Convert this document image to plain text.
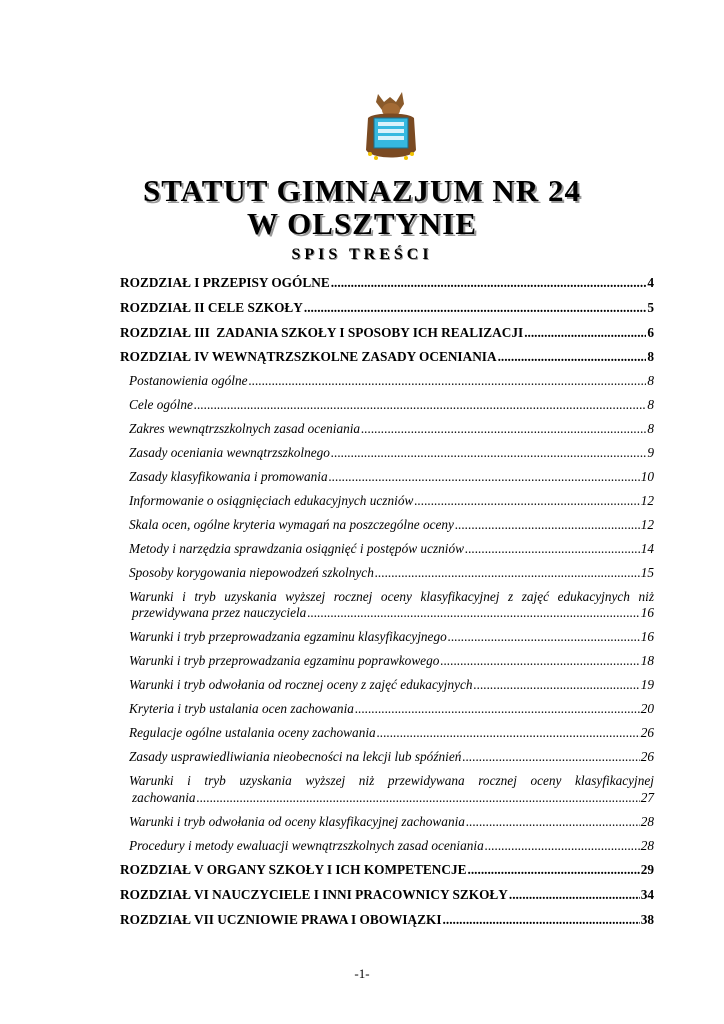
STATUT GIMNAZJUM NR 24
W OLSZTYNIE
SPIS TREŚCI
ROZDZIAŁ I PRZEPISY OGÓLNE .....	4
ROZDZIAŁ II CELE SZKOŁY .....	5
ROZDZIAŁ III  ZADANIA SZKOŁY I SPOSOBY ICH REALIZACJI .....	6
ROZDZIAŁ IV WEWNĄTRZSZKOLNE ZASADY OCENIANIA .....	8
Postanowienia ogólne .....	8
Cele ogólne .....	8
Zakres wewnątrzszkolnych zasad oceniania .....	8
Zasady oceniania wewnątrzszkolnego .....	9
Zasady klasyfikowania i promowania .....	10
Informowanie o osiągnięciach edukacyjnych uczniów .....	12
Skala ocen, ogólne kryteria wymagań na poszczególne oceny .....	12
Metody i narzędzia sprawdzania osiągnięć i postępów uczniów .....	14
Sposoby korygowania niepowodzeń szkolnych .....	15
Warunki i tryb uzyskania wyższej rocznej oceny klasyfikacyjnej z zajęć edukacyjnych niż
przewidywana przez nauczyciela .....	16
Warunki i tryb przeprowadzania egzaminu klasyfikacyjnego .....	16
Warunki i tryb przeprowadzania egzaminu poprawkowego .....	18
Warunki i tryb odwołania od rocznej oceny z zajęć edukacyjnych .....	19
Kryteria i tryb ustalania ocen zachowania .....	20
Regulacje ogólne ustalania oceny zachowania .....	26
Zasady usprawiedliwiania nieobecności na lekcji lub spóźnień .....	26
Warunki i tryb uzyskania wyższej niż przewidywana rocznej oceny klasyfikacyjnej
zachowania .....	27
Warunki i tryb odwołania od oceny klasyfikacyjnej zachowania .....	28
Procedury i metody ewaluacji wewnątrzszkolnych zasad oceniania .....	28
ROZDZIAŁ V ORGANY SZKOŁY I ICH KOMPETENCJE .....	29
ROZDZIAŁ VI NAUCZYCIELE I INNI PRACOWNICY SZKOŁY .....	34
ROZDZIAŁ VII UCZNIOWIE PRAWA I OBOWIĄZKI .....	38
-1-
